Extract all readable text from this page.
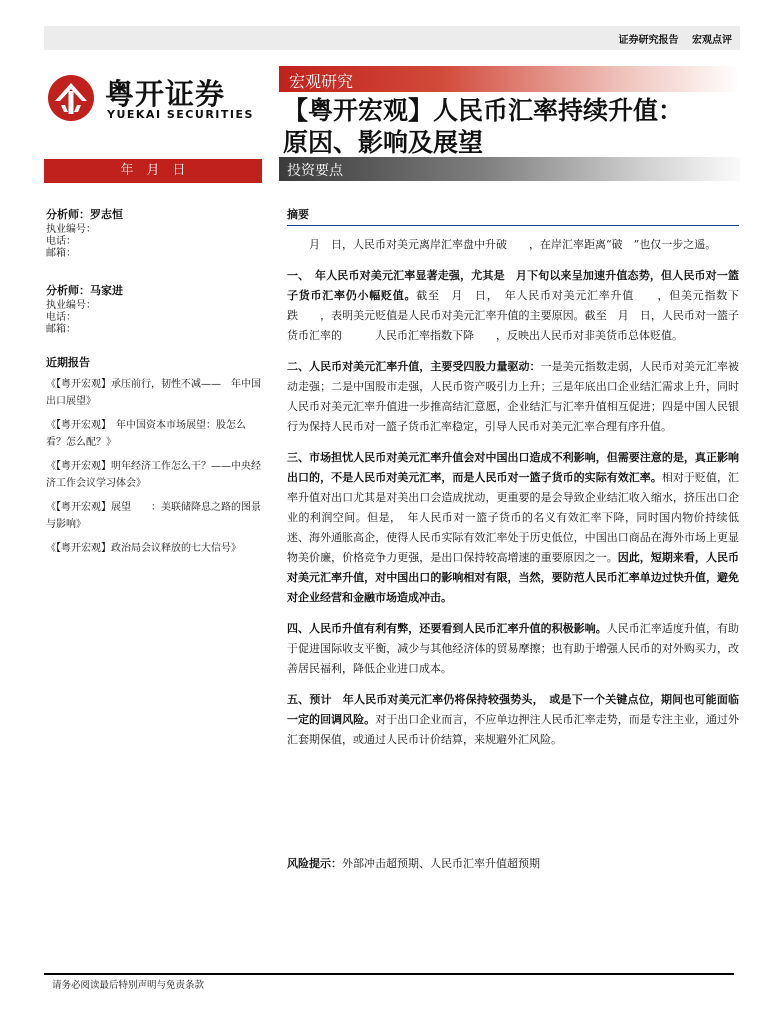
证券研究报告 宏观点评
粤开证券
YUEKAI SECURITIES
宏观研究
【粤开宏观】人民币汇率持续升值：
原因、影响及展望
年　月　日	投资要点
分析师：罗志恒
执业编号：
电话：
邮箱：
分析师：马家进
执业编号：
电话：
邮箱：
近期报告

《【粤开宏观】承压前行，韧性不减——　年中国出口展望》

《【粤开宏观】　年中国资本市场展望：股怎么看？怎么配？》

《【粤开宏观】明年经济工作怎么干？——中央经济工作会议学习体会》

《【粤开宏观】展望　　：美联储降息之路的图景与影响》

《【粤开宏观】政治局会议释放的七大信号》

摘要

月　日，人民币对美元离岸汇率盘中升破　　，在岸汇率距离“破　”也仅一步之遥。

一、　年人民币对美元汇率显著走强，尤其是　月下旬以来呈加速升值态势，但人民币对一篮子货币汇率仍小幅贬值。截至　月　日，　年人民币对美元汇率升值　　，但美元指数下跌　　，表明美元贬值是人民币对美元汇率升值的主要原因。截至　月　日，人民币对一篮子货币汇率的　　　人民币汇率指数下降　　，反映出人民币对非美货币总体贬值。

二、人民币对美元汇率升值，主要受四股力量驱动：一是美元指数走弱，人民币对美元汇率被动走强；二是中国股市走强，人民币资产吸引力上升；三是年底出口企业结汇需求上升，同时人民币对美元汇率升值进一步推高结汇意愿，企业结汇与汇率升值相互促进；四是中国人民银行为保持人民币对一篮子货币汇率稳定，引导人民币对美元汇率合理有序升值。

三、市场担忧人民币对美元汇率升值会对中国出口造成不利影响，但需要注意的是，真正影响出口的，不是人民币对美元汇率，而是人民币对一篮子货币的实际有效汇率。相对于贬值，汇率升值对出口尤其是对美出口会造成扰动，更重要的是会导致企业结汇收入缩水，挤压出口企业的利润空间。但是，　年人民币对一篮子货币的名义有效汇率下降，同时国内物价持续低迷、海外通胀高企，使得人民币实际有效汇率处于历史低位，中国出口商品在海外市场上更显物美价廉，价格竞争力更强，是出口保持较高增速的重要原因之一。因此，短期来看，人民币对美元汇率升值，对中国出口的影响相对有限，当然，要防范人民币汇率单边过快升值，避免对企业经营和金融市场造成冲击。

四、人民币升值有利有弊，还要看到人民币汇率升值的积极影响。人民币汇率适度升值，有助于促进国际收支平衡，减少与其他经济体的贸易摩擦；也有助于增强人民币的对外购买力，改善居民福利，降低企业进口成本。

五、预计　年人民币对美元汇率仍将保持较强势头，　或是下一个关键点位，期间也可能面临一定的回调风险。对于出口企业而言，不应单边押注人民币汇率走势，而是专注主业，通过外汇套期保值，或通过人民币计价结算，来规避外汇风险。

风险提示：外部冲击超预期、人民币汇率升值超预期
请务必阅读最后特别声明与免责条款
